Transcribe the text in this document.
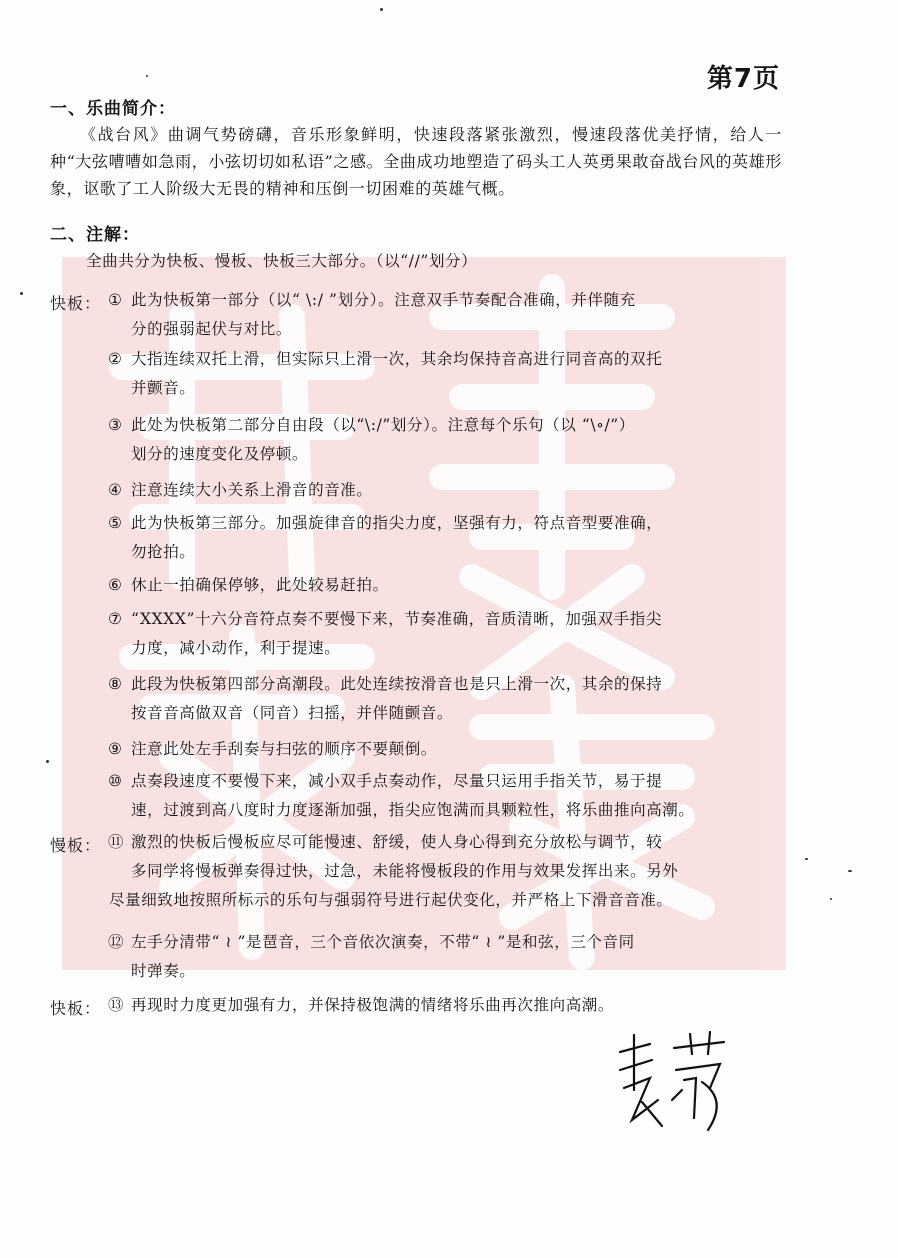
第7页
一、乐曲简介：
《战台风》曲调气势磅礴，音乐形象鲜明，快速段落紧张激烈，慢速段落优美抒情，给人一种“大弦嘈嘈如急雨，小弦切切如私语”之感。全曲成功地塑造了码头工人英勇果敢奋战台风的英雄形象，讴歌了工人阶级大无畏的精神和压倒一切困难的英雄气概。
二、注解：
全曲共分为快板、慢板、快板三大部分。（以“//”划分）
快板：
慢板：
快板：
① 此为快板第一部分（以“ \:/ ”划分）。注意双手节奏配合准确，并伴随充
分的强弱起伏与对比。
② 大指连续双托上滑，但实际只上滑一次，其余均保持音高进行同音高的双托
并颤音。
③ 此处为快板第二部分自由段（以“\:/”划分）。注意每个乐句（以 “\∘/”）
划分的速度变化及停顿。
④ 注意连续大小关系上滑音的音准。
⑤ 此为快板第三部分。加强旋律音的指尖力度，坚强有力，符点音型要准确，
勿抢拍。
⑥ 休止一拍确保停够，此处较易赶拍。
⑦ “XXXX”十六分音符点奏不要慢下来，节奏准确，音质清晰，加强双手指尖
力度，减小动作，利于提速。
⑧ 此段为快板第四部分高潮段。此处连续按滑音也是只上滑一次，其余的保持
按音音高做双音（同音）扫摇，并伴随颤音。
⑨ 注意此处左手刮奏与扫弦的顺序不要颠倒。
⑩ 点奏段速度不要慢下来，减小双手点奏动作，尽量只运用手指关节，易于提
速，过渡到高八度时力度逐渐加强，指尖应饱满而具颗粒性，将乐曲推向高潮。
⑪ 激烈的快板后慢板应尽可能慢速、舒缓，使人身心得到充分放松与调节，较
多同学将慢板弹奏得过快，过急，未能将慢板段的作用与效果发挥出来。另外
尽量细致地按照所标示的乐句与强弱符号进行起伏变化，并严格上下滑音音准。
⑫ 左手分清带“ ≀ ”是琶音，三个音依次演奏，不带“ ≀ ”是和弦，三个音同
时弹奏。
⑬ 再现时力度更加强有力，并保持极饱满的情绪将乐曲再次推向高潮。
